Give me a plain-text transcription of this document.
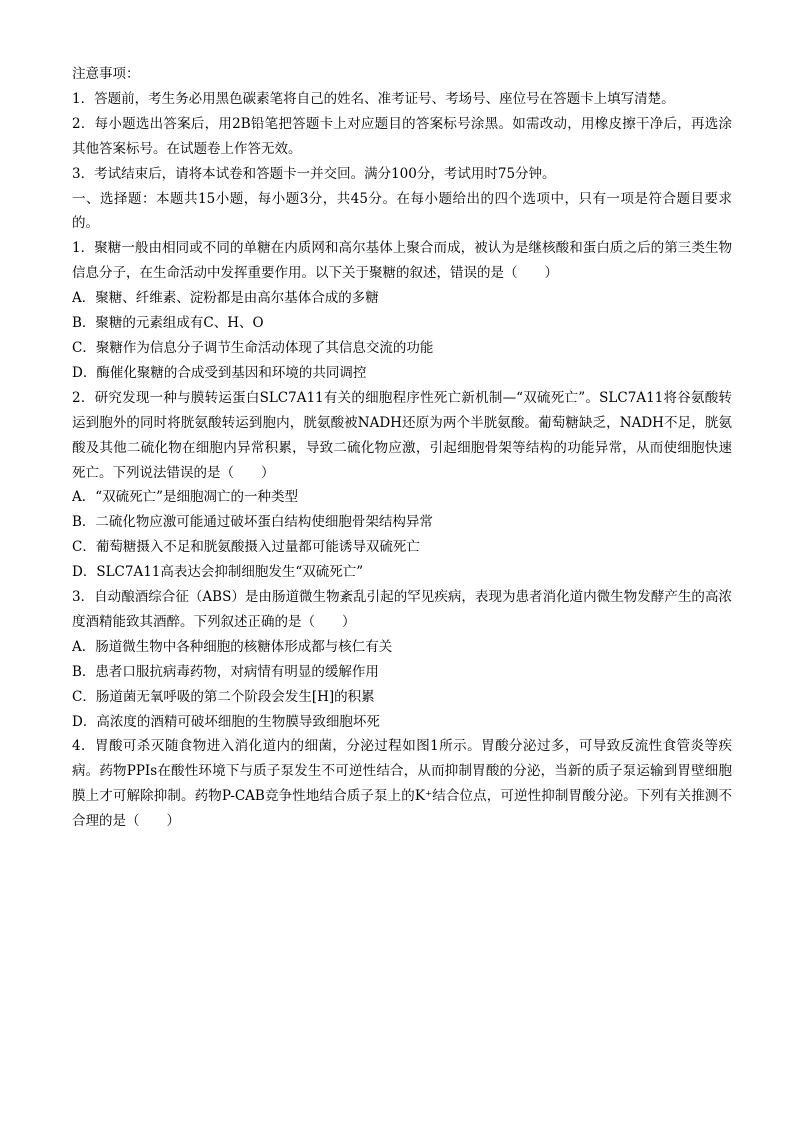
注意事项：
1．答题前，考生务必用黑色碳素笔将自己的姓名、准考证号、考场号、座位号在答题卡上填写清楚。
2．每小题选出答案后，用2B铅笔把答题卡上对应题目的答案标号涂黑。如需改动，用橡皮擦干净后，再选涂其他答案标号。在试题卷上作答无效。
3．考试结束后，请将本试卷和答题卡一并交回。满分100分，考试用时75分钟。
一、选择题：本题共15小题，每小题3分，共45分。在每小题给出的四个选项中，只有一项是符合题目要求的。
1．聚糖一般由相同或不同的单糖在内质网和高尔基体上聚合而成，被认为是继核酸和蛋白质之后的第三类生物信息分子，在生命活动中发挥重要作用。以下关于聚糖的叙述，错误的是（　　）
A．聚糖、纤维素、淀粉都是由高尔基体合成的多糖
B．聚糖的元素组成有C、H、O
C．聚糖作为信息分子调节生命活动体现了其信息交流的功能
D．酶催化聚糖的合成受到基因和环境的共同调控
2．研究发现一种与膜转运蛋白SLC7A11有关的细胞程序性死亡新机制—“双硫死亡”。SLC7A11将谷氨酸转运到胞外的同时将胱氨酸转运到胞内，胱氨酸被NADH还原为两个半胱氨酸。葡萄糖缺乏，NADH不足，胱氨酸及其他二硫化物在细胞内异常积累，导致二硫化物应激，引起细胞骨架等结构的功能异常，从而使细胞快速死亡。下列说法错误的是（　　）
A．“双硫死亡”是细胞凋亡的一种类型
B．二硫化物应激可能通过破坏蛋白结构使细胞骨架结构异常
C．葡萄糖摄入不足和胱氨酸摄入过量都可能诱导双硫死亡
D．SLC7A11高表达会抑制细胞发生“双硫死亡”
3．自动酿酒综合征（ABS）是由肠道微生物紊乱引起的罕见疾病，表现为患者消化道内微生物发酵产生的高浓度酒精能致其酒醉。下列叙述正确的是（　　）
A．肠道微生物中各种细胞的核糖体形成都与核仁有关
B．患者口服抗病毒药物，对病情有明显的缓解作用
C．肠道菌无氧呼吸的第二个阶段会发生[H]的积累
D．高浓度的酒精可破坏细胞的生物膜导致细胞坏死
4．胃酸可杀灭随食物进入消化道内的细菌，分泌过程如图1所示。胃酸分泌过多，可导致反流性食管炎等疾病。药物PPIs在酸性环境下与质子泵发生不可逆性结合，从而抑制胃酸的分泌，当新的质子泵运输到胃壁细胞膜上才可解除抑制。药物P-CAB竞争性地结合质子泵上的K⁺结合位点，可逆性抑制胃酸分泌。下列有关推测不合理的是（　　）
